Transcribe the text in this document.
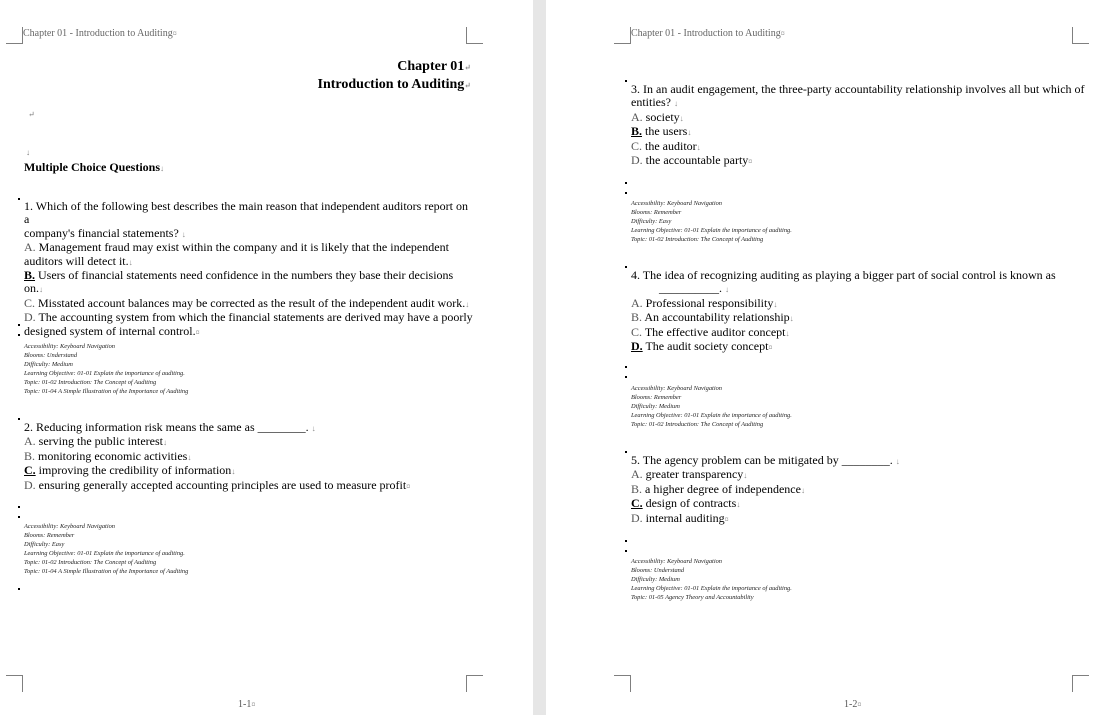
Chapter 01 - Introduction to Auditing¤
Chapter 01↵
Introduction to Auditing↵
↵
↓
Multiple Choice Questions↓

1. Which of the following best describes the main reason that independent auditors report on a

company's financial statements? ↓

A. Management fraud may exist within the company and it is likely that the independent

auditors will detect it.↓

B. Users of financial statements need confidence in the numbers they base their decisions on.↓

C. Misstated account balances may be corrected as the result of the independent audit work.↓

D. The accounting system from which the financial statements are derived may have a poorly

designed system of internal control.¤

Accessibility: Keyboard Navigation
Blooms: Understand
Difficulty: Medium
Learning Objective: 01-01 Explain the importance of auditing.
Topic: 01-02 Introduction: The Concept of Auditing
Topic: 01-04 A Simple Illustration of the Importance of Auditing

2. Reducing information risk means the same as ________. ↓

A. serving the public interest↓

B. monitoring economic activities↓

C. improving the credibility of information↓

D. ensuring generally accepted accounting principles are used to measure profit¤

Accessibility: Keyboard Navigation
Blooms: Remember
Difficulty: Easy
Learning Objective: 01-01 Explain the importance of auditing.
Topic: 01-02 Introduction: The Concept of Auditing
Topic: 01-04 A Simple Illustration of the Importance of Auditing
1-1¤
Chapter 01 - Introduction to Auditing¤

3. In an audit engagement, the three-party accountability relationship involves all but which of

entities? ↓

A. society↓

B. the users↓

C. the auditor↓

D. the accountable party¤

Accessibility: Keyboard Navigation
Blooms: Remember
Difficulty: Easy
Learning Objective: 01-01 Explain the importance of auditing.
Topic: 01-02 Introduction: The Concept of Auditing

4. The idea of recognizing auditing as playing a bigger part of social control is known as

__________. ↓

A. Professional responsibility↓

B. An accountability relationship↓

C. The effective auditor concept↓

D. The audit society concept¤

Accessibility: Keyboard Navigation
Blooms: Remember
Difficulty: Medium
Learning Objective: 01-01 Explain the importance of auditing.
Topic: 01-02 Introduction: The Concept of Auditing

5. The agency problem can be mitigated by ________. ↓

A. greater transparency↓

B. a higher degree of independence↓

C. design of contracts↓

D. internal auditing¤

Accessibility: Keyboard Navigation
Blooms: Understand
Difficulty: Medium
Learning Objective: 01-01 Explain the importance of auditing.
Topic: 01-05 Agency Theory and Accountability
1-2¤
